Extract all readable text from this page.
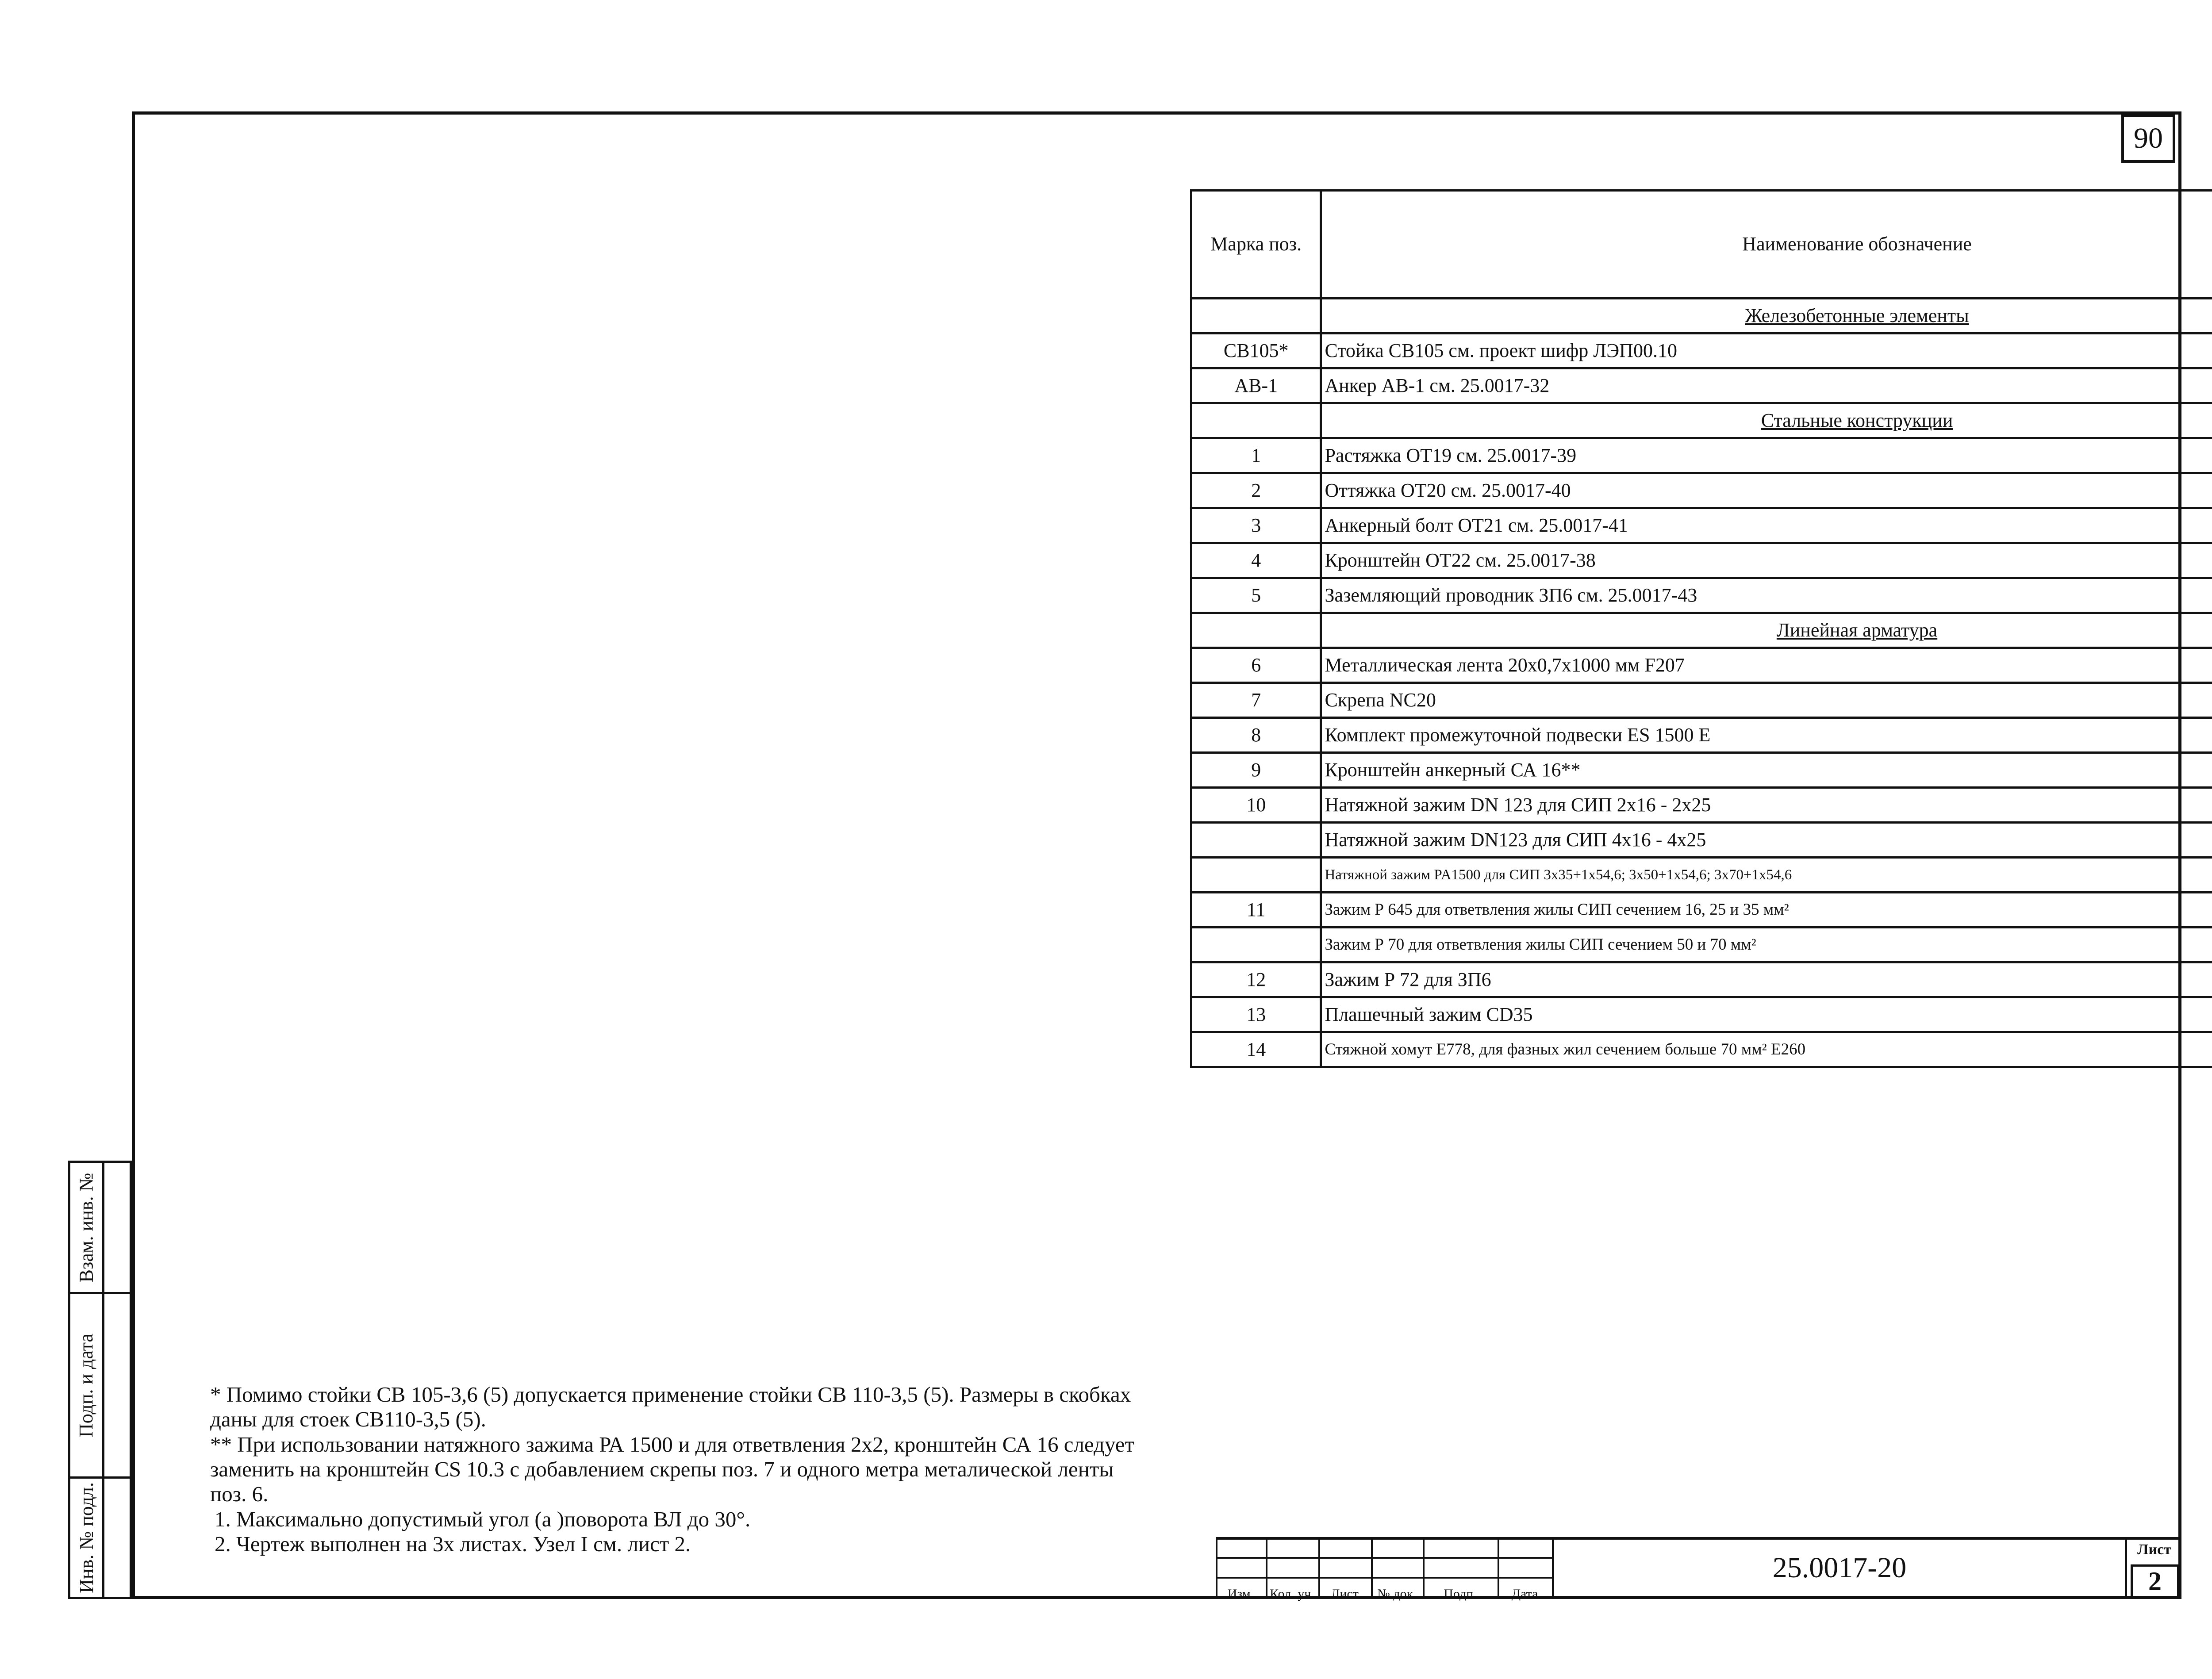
Взам. инв. №
Подп. и дата
Инв. № подл.
90
Марка поз.	Наименование обозначение		

	Железобетонные элементы						
СВ105*	Стойка СВ105 см. проект шифр ЛЭП00.10				
АВ-1	Анкер АВ-1 см. 25.0017-32				
	Стальные конструкции						
1	Растяжка ОТ19 см. 25.0017-39				
2	Оттяжка ОТ20 см. 25.0017-40				
3	Анкерный болт ОТ21 см. 25.0017-41				
4	Кронштейн ОТ22 см. 25.0017-38				
5	Заземляющий проводник ЗП6 см. 25.0017-43				
	Линейная арматура						
6	Металлическая лента 20х0,7х1000 мм F207				
7	Скрепа NC20				
8	Комплект промежуточной подвески ES 1500 E				
9	Кронштейн анкерный СА 16**				
10	Натяжной зажим DN 123 для СИП 2х16 - 2х25						
	Натяжной зажим DN123 для СИП 4х16 - 4х25						
	Натяжной зажим PA1500 для СИП 3х35+1х54,6; 3х50+1х54,6; 3х70+1х54,6		
11	Зажим Р 645 для ответвления жилы СИП сечением 16, 25 и 35 мм²						
	Зажим Р 70 для ответвления жилы СИП сечением 50 и 70 мм²			
12	Зажим Р 72 для ЗП6				
13	Плашечный зажим CD35				
14	Стяжной хомут Е778, для фазных жил сечением больше 70 мм² Е260						

* Помимо стойки СВ 105-3,6 (5) допускается применение стойки СВ 110-3,5 (5). Размеры в скобках даны для стоек СВ110-3,5 (5).

** При использовании натяжного зажима РА 1500 и для ответвления 2х2, кронштейн СА 16 следует заменить на кронштейн CS 10.3 с добавлением скрепы поз. 7 и одного метра металической ленты поз. 6.

1. Максимально допустимый угол (а )поворота ВЛ до 30°.

2. Чертеж выполнен на 3х листах. Узел I см. лист 2.

Изм.	Кол. уч.	Лист	№ док.	Подп.	Дата
25.0017-20
Лист
2
